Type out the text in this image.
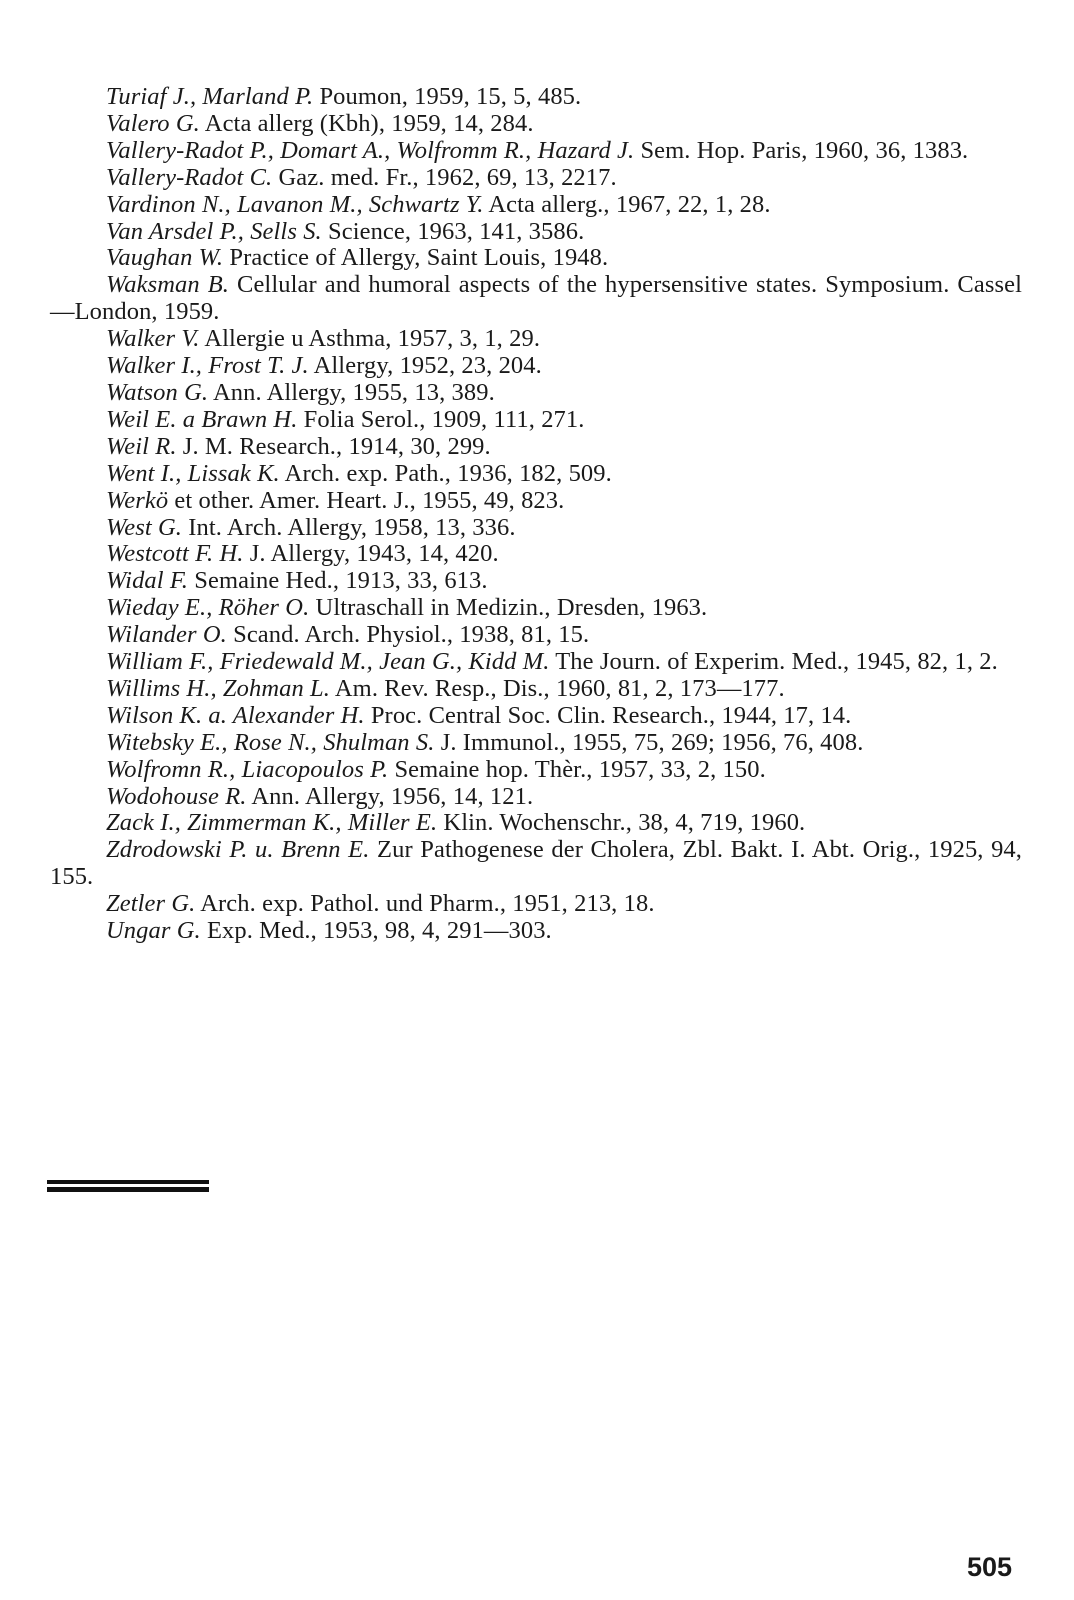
Turiaf J., Marland P. Poumon, 1959, 15, 5, 485.
Valero G. Acta allerg (Kbh), 1959, 14, 284.
Vallery-Radot P., Domart A., Wolfromm R., Hazard J. Sem. Hop. Paris, 1960, 36, 1383.
Vallery-Radot C. Gaz. med. Fr., 1962, 69, 13, 2217.
Vardinon N., Lavanon M., Schwartz Y. Acta allerg., 1967, 22, 1, 28.
Van Arsdel P., Sells S. Science, 1963, 141, 3586.
Vaughan W. Practice of Allergy, Saint Louis, 1948.
Waksman B. Cellular and humoral aspects of the hypersensitive states. Symposium. Cassel—London, 1959.
Walker V. Allergie u Asthma, 1957, 3, 1, 29.
Walker I., Frost T. J. Allergy, 1952, 23, 204.
Watson G. Ann. Allergy, 1955, 13, 389.
Weil E. a Brawn H. Folia Serol., 1909, 111, 271.
Weil R. J. M. Research., 1914, 30, 299.
Went I., Lissak K. Arch. exp. Path., 1936, 182, 509.
Werkö et other. Amer. Heart. J., 1955, 49, 823.
West G. Int. Arch. Allergy, 1958, 13, 336.
Westcott F. H. J. Allergy, 1943, 14, 420.
Widal F. Semaine Hed., 1913, 33, 613.
Wieday E., Röher O. Ultraschall in Medizin., Dresden, 1963.
Wilander O. Scand. Arch. Physiol., 1938, 81, 15.
William F., Friedewald M., Jean G., Kidd M. The Journ. of Experim. Med., 1945, 82, 1, 2.
Willims H., Zohman L. Am. Rev. Resp., Dis., 1960, 81, 2, 173—177.
Wilson K. a. Alexander H. Proc. Central Soc. Clin. Research., 1944, 17, 14.
Witebsky E., Rose N., Shulman S. J. Immunol., 1955, 75, 269; 1956, 76, 408.
Wolfromn R., Liacopoulos P. Semaine hop. Thèr., 1957, 33, 2, 150.
Wodohouse R. Ann. Allergy, 1956, 14, 121.
Zack I., Zimmerman K., Miller E. Klin. Wochenschr., 38, 4, 719, 1960.
Zdrodowski P. u. Brenn E. Zur Pathogenese der Cholera, Zbl. Bakt. I. Abt. Orig., 1925, 94, 155.
Zetler G. Arch. exp. Pathol. und Pharm., 1951, 213, 18.
Ungar G. Exp. Med., 1953, 98, 4, 291—303.
505
